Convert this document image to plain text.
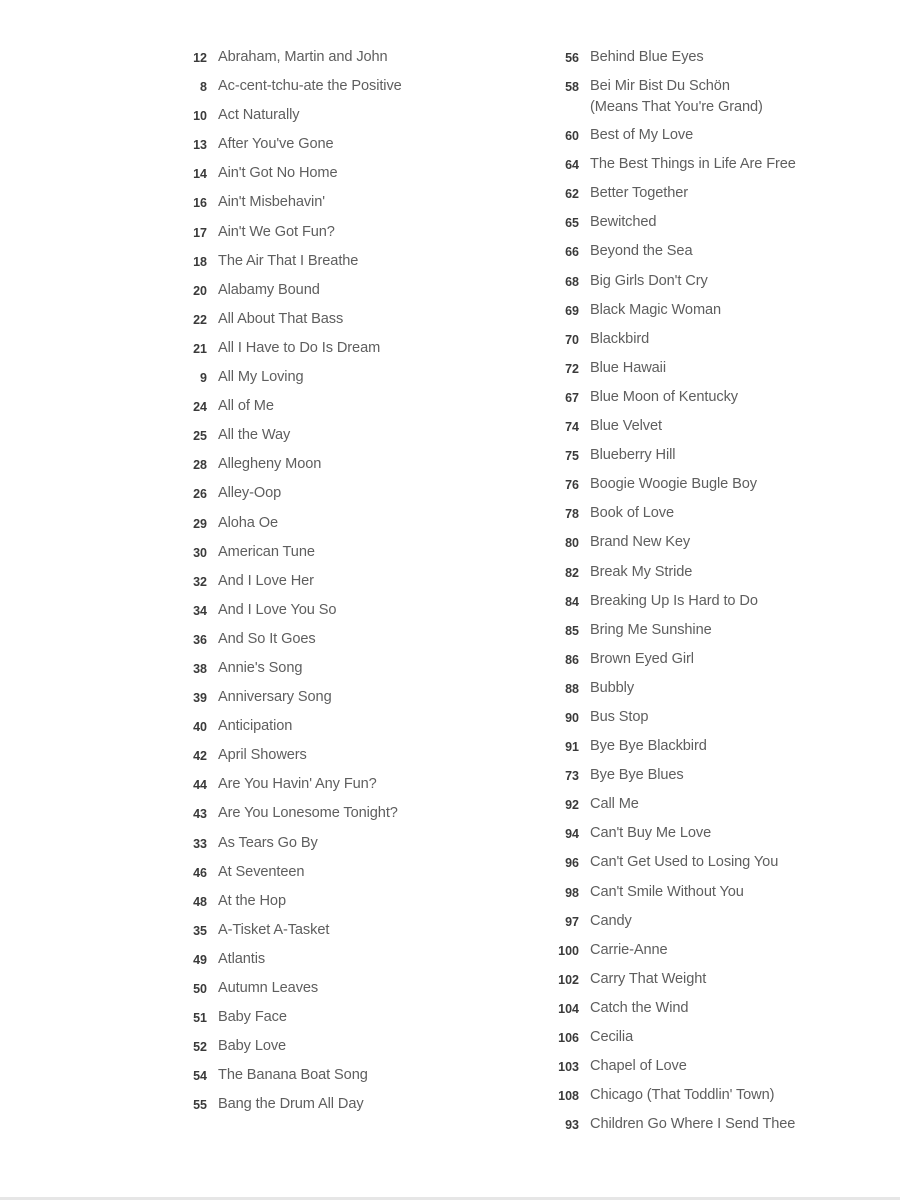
12 Abraham, Martin and John
8 Ac-cent-tchu-ate the Positive
10 Act Naturally
13 After You've Gone
14 Ain't Got No Home
16 Ain't Misbehavin'
17 Ain't We Got Fun?
18 The Air That I Breathe
20 Alabamy Bound
22 All About That Bass
21 All I Have to Do Is Dream
9 All My Loving
24 All of Me
25 All the Way
28 Allegheny Moon
26 Alley-Oop
29 Aloha Oe
30 American Tune
32 And I Love Her
34 And I Love You So
36 And So It Goes
38 Annie's Song
39 Anniversary Song
40 Anticipation
42 April Showers
44 Are You Havin' Any Fun?
43 Are You Lonesome Tonight?
33 As Tears Go By
46 At Seventeen
48 At the Hop
35 A-Tisket A-Tasket
49 Atlantis
50 Autumn Leaves
51 Baby Face
52 Baby Love
54 The Banana Boat Song
55 Bang the Drum All Day
56 Behind Blue Eyes
58 Bei Mir Bist Du Schön
(Means That You're Grand)
60 Best of My Love
64 The Best Things in Life Are Free
62 Better Together
65 Bewitched
66 Beyond the Sea
68 Big Girls Don't Cry
69 Black Magic Woman
70 Blackbird
72 Blue Hawaii
67 Blue Moon of Kentucky
74 Blue Velvet
75 Blueberry Hill
76 Boogie Woogie Bugle Boy
78 Book of Love
80 Brand New Key
82 Break My Stride
84 Breaking Up Is Hard to Do
85 Bring Me Sunshine
86 Brown Eyed Girl
88 Bubbly
90 Bus Stop
91 Bye Bye Blackbird
73 Bye Bye Blues
92 Call Me
94 Can't Buy Me Love
96 Can't Get Used to Losing You
98 Can't Smile Without You
97 Candy
100 Carrie-Anne
102 Carry That Weight
104 Catch the Wind
106 Cecilia
103 Chapel of Love
108 Chicago (That Toddlin' Town)
93 Children Go Where I Send Thee
